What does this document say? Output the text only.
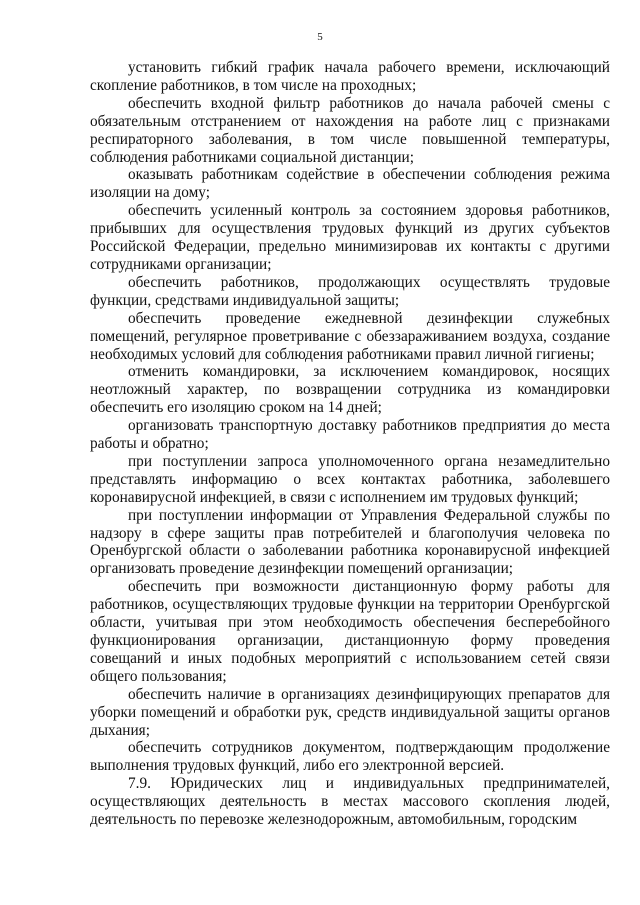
5

установить гибкий график начала рабочего времени, исключающий скопление работников, в том числе на проходных;

обеспечить входной фильтр работников до начала рабочей смены с обязательным отстранением от нахождения на работе лиц с признаками респираторного заболевания, в том числе повышенной температуры, соблюдения работниками социальной дистанции;

оказывать работникам содействие в обеспечении соблюдения режима изоляции на дому;

обеспечить усиленный контроль за состоянием здоровья работников, прибывших для осуществления трудовых функций из других субъектов Российской Федерации, предельно минимизировав их контакты с другими сотрудниками организации;

обеспечить работников, продолжающих осуществлять трудовые функции, средствами индивидуальной защиты;

обеспечить проведение ежедневной дезинфекции служебных помещений, регулярное проветривание с обеззараживанием воздуха, создание необходимых условий для соблюдения работниками правил личной гигиены;

отменить командировки, за исключением командировок, носящих неотложный характер, по возвращении сотрудника из командировки обеспечить его изоляцию сроком на 14 дней;

организовать транспортную доставку работников предприятия до места работы и обратно;

при поступлении запроса уполномоченного органа незамедлительно представлять информацию о всех контактах работника, заболевшего коронавирусной инфекцией, в связи с исполнением им трудовых функций;

при поступлении информации от Управления Федеральной службы по надзору в сфере защиты прав потребителей и благополучия человека по Оренбургской области о заболевании работника коронавирусной инфекцией организовать проведение дезинфекции помещений организации;

обеспечить при возможности дистанционную форму работы для работников, осуществляющих трудовые функции на территории Оренбургской области, учитывая при этом необходимость обеспечения бесперебойного функционирования организации, дистанционную форму проведения совещаний и иных подобных мероприятий с использованием сетей связи общего пользования;

обеспечить наличие в организациях дезинфицирующих препаратов для уборки помещений и обработки рук, средств индивидуальной защиты органов дыхания;

обеспечить сотрудников документом, подтверждающим продолжение выполнения трудовых функций, либо его электронной версией.

7.9. Юридических лиц и индивидуальных предпринимателей, осуществляющих деятельность в местах массового скопления людей, деятельность по перевозке железнодорожным, автомобильным, городским
